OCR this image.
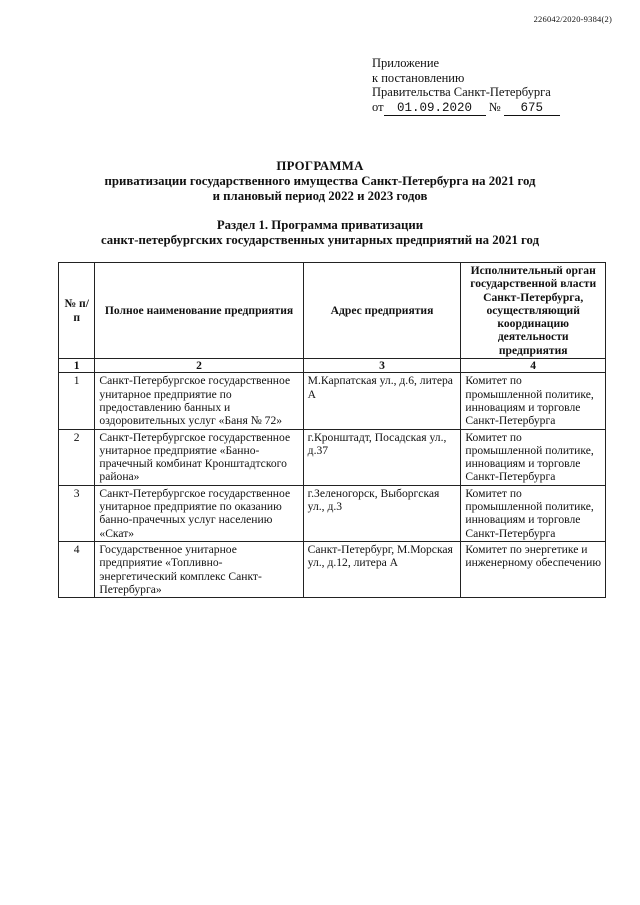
226042/2020-9384(2)
Приложение
к постановлению
Правительства Санкт-Петербурга
от 01.09.2020 № 675
ПРОГРАММА
приватизации государственного имущества Санкт-Петербурга на 2021 год
и плановый период 2022 и 2023 годов
Раздел 1. Программа приватизации
санкт-петербургских государственных унитарных предприятий на 2021 год
№ п/п	Полное наименование предприятия	Адрес предприятия	Исполнительный орган государственной власти Санкт-Петербурга, осуществляющий координацию деятельности предприятия
1	2	3	4
1	Санкт-Петербургское государственное унитарное предприятие по предоставлению банных и оздоровительных услуг «Баня № 72»	М.Карпатская ул., д.6, литера А	Комитет по промышленной политике, инновациям и торговле Санкт-Петербурга
2	Санкт-Петербургское государственное унитарное предприятие «Банно-прачечный комбинат Кронштадтского района»	г.Кронштадт, Посадская ул., д.37	Комитет по промышленной политике, инновациям и торговле Санкт-Петербурга
3	Санкт-Петербургское государственное унитарное предприятие по оказанию банно-прачечных услуг населению «Скат»	г.Зеленогорск, Выборгская ул., д.3	Комитет по промышленной политике, инновациям и торговле Санкт-Петербурга
4	Государственное унитарное предприятие «Топливно-энергетический комплекс Санкт-Петербурга»	Санкт-Петербург, М.Морская ул., д.12, литера А	Комитет по энергетике и инженерному обеспечению
